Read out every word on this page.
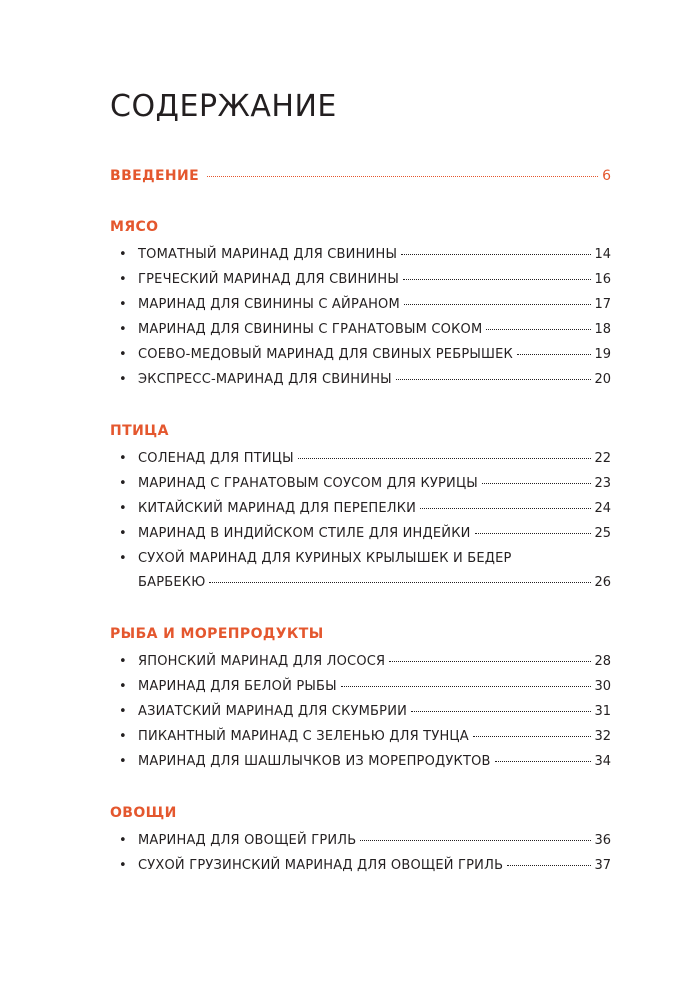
СОДЕРЖАНИЕ
ВВЕДЕНИЕ	6
МЯСО
• ТОМАТНЫЙ МАРИНАД ДЛЯ СВИНИНЫ	14
• ГРЕЧЕСКИЙ МАРИНАД ДЛЯ СВИНИНЫ	16
• МАРИНАД ДЛЯ СВИНИНЫ С АЙРАНОМ	17
• МАРИНАД ДЛЯ СВИНИНЫ С ГРАНАТОВЫМ СОКОМ	18
• СОЕВО-МЕДОВЫЙ МАРИНАД ДЛЯ СВИНЫХ РЕБРЫШЕК	19
• ЭКСПРЕСС-МАРИНАД ДЛЯ СВИНИНЫ	20
ПТИЦА
• СОЛЕНАД ДЛЯ ПТИЦЫ	22
• МАРИНАД С ГРАНАТОВЫМ СОУСОМ ДЛЯ КУРИЦЫ	23
• КИТАЙСКИЙ МАРИНАД ДЛЯ ПЕРЕПЕЛКИ	24
• МАРИНАД В ИНДИЙСКОМ СТИЛЕ ДЛЯ ИНДЕЙКИ	25
• СУХОЙ МАРИНАД ДЛЯ КУРИНЫХ КРЫЛЫШЕК И БЕДЕР
БАРБЕКЮ	26
РЫБА И МОРЕПРОДУКТЫ
• ЯПОНСКИЙ МАРИНАД ДЛЯ ЛОСОСЯ	28
• МАРИНАД ДЛЯ БЕЛОЙ РЫБЫ	30
• АЗИАТСКИЙ МАРИНАД ДЛЯ СКУМБРИИ	31
• ПИКАНТНЫЙ МАРИНАД С ЗЕЛЕНЬЮ ДЛЯ ТУНЦА	32
• МАРИНАД ДЛЯ ШАШЛЫЧКОВ ИЗ МОРЕПРОДУКТОВ	34
ОВОЩИ
• МАРИНАД ДЛЯ ОВОЩЕЙ ГРИЛЬ	36
• СУХОЙ ГРУЗИНСКИЙ МАРИНАД ДЛЯ ОВОЩЕЙ ГРИЛЬ	37
